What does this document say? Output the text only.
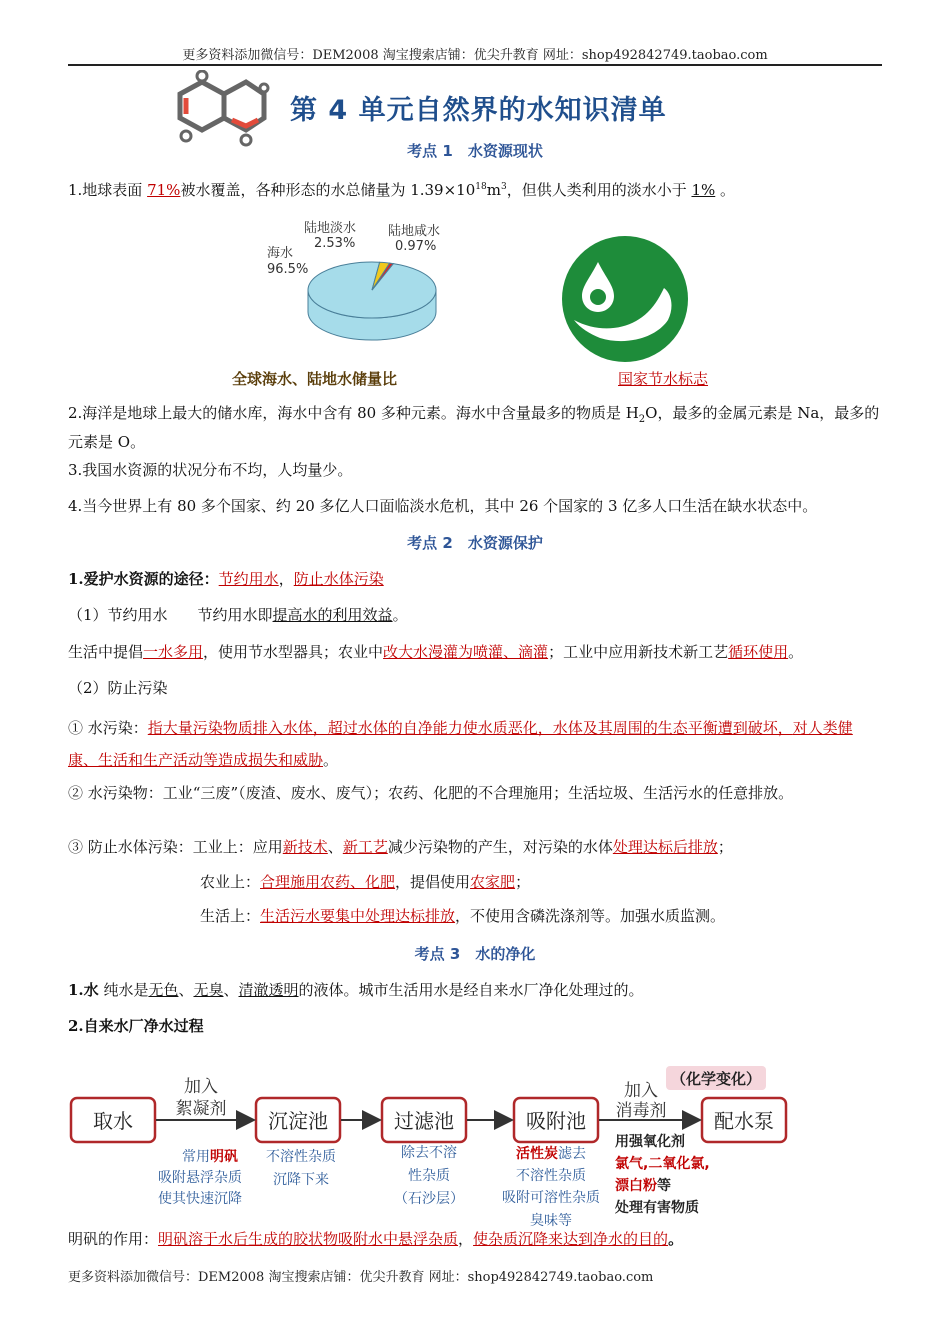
更多资料添加微信号：DEM2008 淘宝搜索店铺：优尖升教育 网址：shop492842749.taobao.com
第 4 单元自然界的水知识清单
考点 1　水资源现状
1.地球表面 71%被水覆盖，各种形态的水总储量为 $1.39\times 10^{18}m^3$，但供人类利用的淡水小于 1% 。
海水
96.5%
陆地淡水
2.53%
陆地咸水
0.97%
全球海水、陆地水储量比	国家节水标志
2.海洋是地球上最大的储水库，海水中含有 80 多种元素。海水中含量最多的物质是 $H_2O$，最多的金属元素是 Na，最多的元素是 O。
3.我国水资源的状况分布不均，人均量少。
4.当今世界上有 80 多个国家、约 20 多亿人口面临淡水危机，其中 26 个国家的 3 亿多人口生活在缺水状态中。
考点 2　水资源保护
1.爱护水资源的途径：节约用水，防止水体污染
（1）节约用水　　节约用水即提高水的利用效益。
生活中提倡一水多用，使用节水型器具；农业中改大水漫灌为喷灌、滴灌；工业中应用新技术新工艺循环使用。
（2）防止污染
① 水污染：指大量污染物质排入水体，超过水体的自净能力使水质恶化，水体及其周围的生态平衡遭到破坏，对人类健康、生活和生产活动等造成损失和威胁。
② 水污染物：工业“三废”（废渣、废水、废气）；农药、化肥的不合理施用；生活垃圾、生活污水的任意排放。
③ 防止水体污染：工业上：应用新技术、新工艺减少污染物的产生，对污染的水体处理达标后排放；
农业上：合理施用农药、化肥，提倡使用农家肥；
生活上：生活污水要集中处理达标排放，不使用含磷洗涤剂等。加强水质监测。
考点 3　水的净化
1.水 纯水是无色、无臭、清澈透明的液体。城市生活用水是经自来水厂净化处理过的。
2.自来水厂净水过程
取水	沉淀池	过滤池	吸附池	配水泵
加入
絮凝剂
加入
消毒剂
（化学变化）
常用明矾
吸附悬浮杂质
使其快速沉降
不溶性杂质
沉降下来
除去不溶
性杂质
（石沙层）
活性炭滤去
不溶性杂质
吸附可溶性杂质
臭味等
用强氧化剂
氯气,二氧化氯,
漂白粉等
处理有害物质
明矾的作用：明矾溶于水后生成的胶状物吸附水中悬浮杂质，使杂质沉降来达到净水的目的。
更多资料添加微信号：DEM2008 淘宝搜索店铺：优尖升教育 网址：shop492842749.taobao.com
